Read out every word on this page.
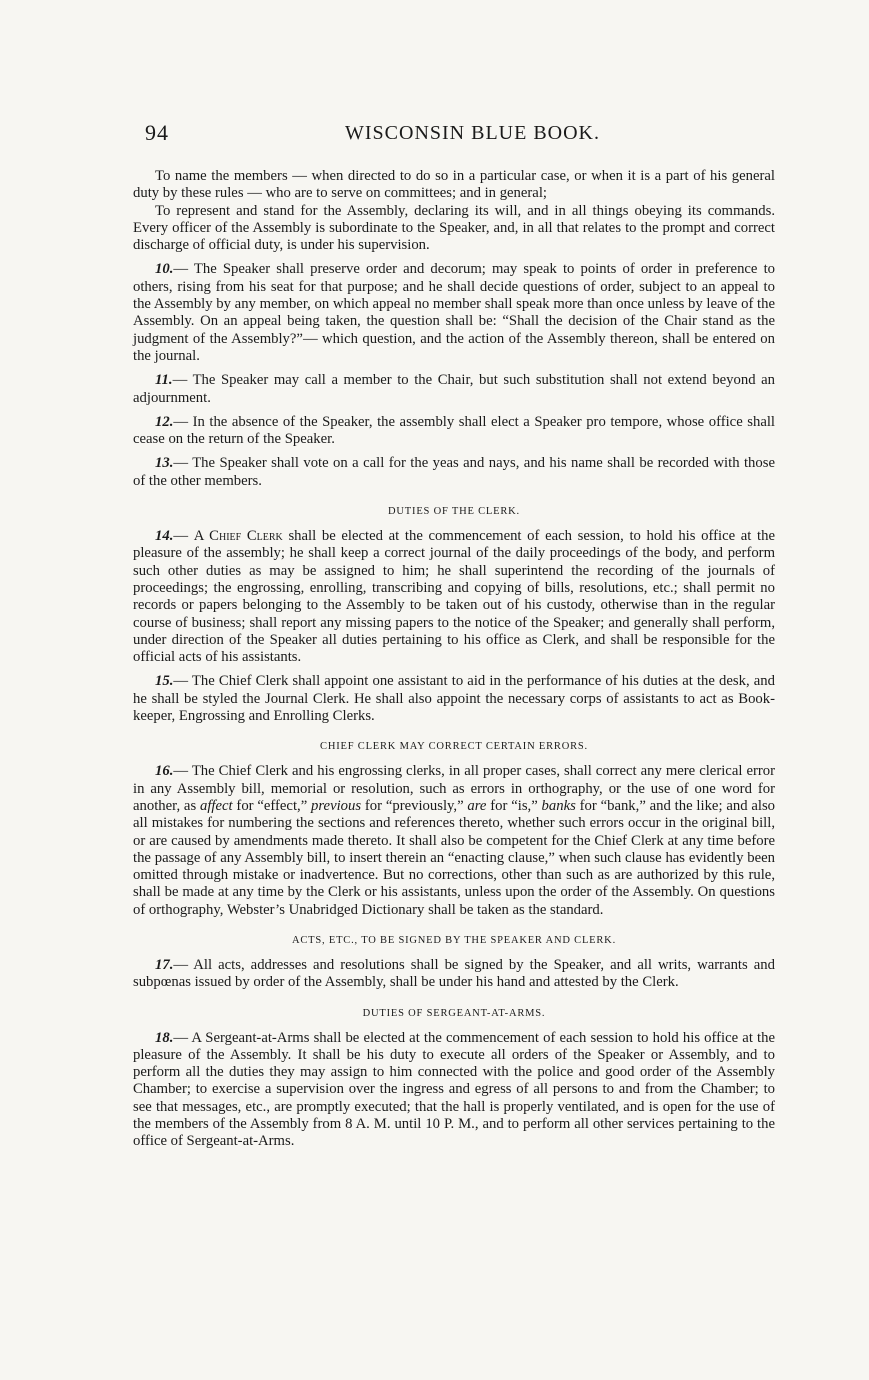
94	WISCONSIN BLUE BOOK.

To name the members — when directed to do so in a particular case, or when it is a part of his general duty by these rules — who are to serve on committees; and in general;

To represent and stand for the Assembly, declaring its will, and in all things obeying its commands. Every officer of the Assembly is subordinate to the Speaker, and, in all that relates to the prompt and correct discharge of official duty, is under his supervision.

10.— The Speaker shall preserve order and decorum; may speak to points of order in preference to others, rising from his seat for that purpose; and he shall decide questions of order, subject to an appeal to the Assembly by any member, on which appeal no member shall speak more than once unless by leave of the Assembly. On an appeal being taken, the question shall be: “Shall the decision of the Chair stand as the judgment of the Assembly?”— which question, and the action of the Assembly thereon, shall be entered on the journal.

11.— The Speaker may call a member to the Chair, but such substitution shall not extend beyond an adjournment.

12.— In the absence of the Speaker, the assembly shall elect a Speaker pro tempore, whose office shall cease on the return of the Speaker.

13.— The Speaker shall vote on a call for the yeas and nays, and his name shall be recorded with those of the other members.

DUTIES OF THE CLERK.

14.— A Chief Clerk shall be elected at the commencement of each session, to hold his office at the pleasure of the assembly; he shall keep a correct journal of the daily proceedings of the body, and perform such other duties as may be assigned to him; he shall superintend the recording of the journals of proceedings; the engrossing, enrolling, transcribing and copying of bills, resolutions, etc.; shall permit no records or papers belonging to the Assembly to be taken out of his custody, otherwise than in the regular course of business; shall report any missing papers to the notice of the Speaker; and generally shall perform, under direction of the Speaker all duties pertaining to his office as Clerk, and shall be responsible for the official acts of his assistants.

15.— The Chief Clerk shall appoint one assistant to aid in the performance of his duties at the desk, and he shall be styled the Journal Clerk. He shall also appoint the necessary corps of assistants to act as Book-keeper, Engrossing and Enrolling Clerks.

CHIEF CLERK MAY CORRECT CERTAIN ERRORS.

16.— The Chief Clerk and his engrossing clerks, in all proper cases, shall correct any mere clerical error in any Assembly bill, memorial or resolution, such as errors in orthography, or the use of one word for another, as affect for “effect,” previous for “previously,” are for “is,” banks for “bank,” and the like; and also all mistakes for numbering the sections and references thereto, whether such errors occur in the original bill, or are caused by amendments made thereto. It shall also be competent for the Chief Clerk at any time before the passage of any Assembly bill, to insert therein an “enacting clause,” when such clause has evidently been omitted through mistake or inadvertence. But no corrections, other than such as are authorized by this rule, shall be made at any time by the Clerk or his assistants, unless upon the order of the Assembly. On questions of orthography, Webster’s Unabridged Dictionary shall be taken as the standard.

ACTS, ETC., TO BE SIGNED BY THE SPEAKER AND CLERK.

17.— All acts, addresses and resolutions shall be signed by the Speaker, and all writs, warrants and subpœnas issued by order of the Assembly, shall be under his hand and attested by the Clerk.

DUTIES OF SERGEANT-AT-ARMS.

18.— A Sergeant-at-Arms shall be elected at the commencement of each session to hold his office at the pleasure of the Assembly. It shall be his duty to execute all orders of the Speaker or Assembly, and to perform all the duties they may assign to him connected with the police and good order of the Assembly Chamber; to exercise a supervision over the ingress and egress of all persons to and from the Chamber; to see that messages, etc., are promptly executed; that the hall is properly ventilated, and is open for the use of the members of the Assembly from 8 A. M. until 10 P. M., and to perform all other services pertaining to the office of Sergeant-at-Arms.
